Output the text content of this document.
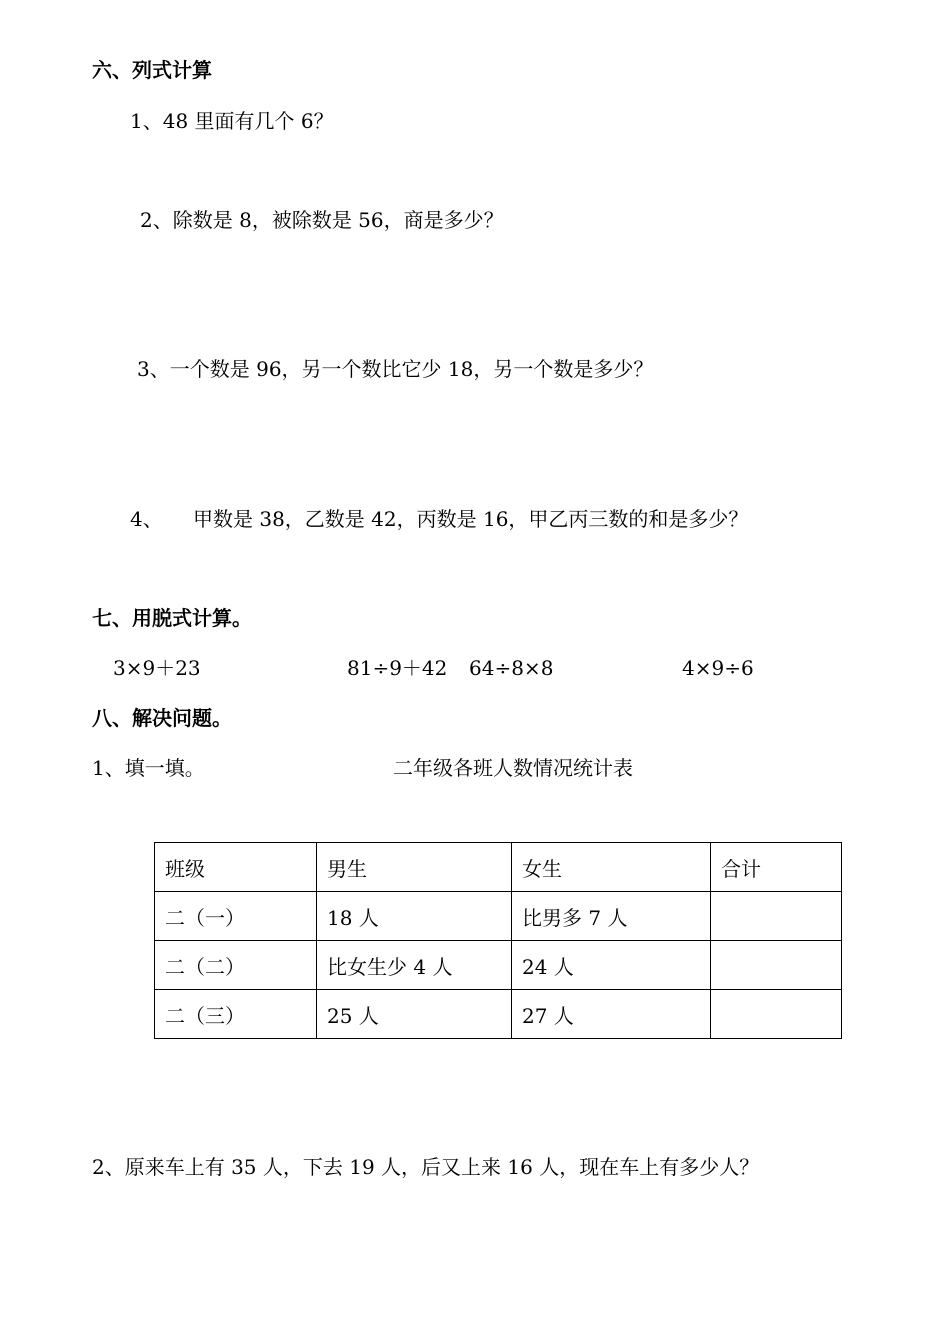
六、列式计算
1、48 里面有几个 6？
2、除数是 8，被除数是 56，商是多少？
3、一个数是 96，另一个数比它少 18，另一个数是多少？
4、 甲数是 38，乙数是 42，丙数是 16，甲乙丙三数的和是多少？
七、用脱式计算。
3×9＋23	81÷9＋42 64÷8×8	4×9÷6
八、解决问题。
1、填一填。	二年级各班人数情况统计表
班级	男生	女生	合计
二（一）	18 人	比男多 7 人	
二（二）	比女生少 4 人	24 人	
二（三）	25 人	27 人	
2、原来车上有 35 人，下去 19 人，后又上来 16 人，现在车上有多少人？
